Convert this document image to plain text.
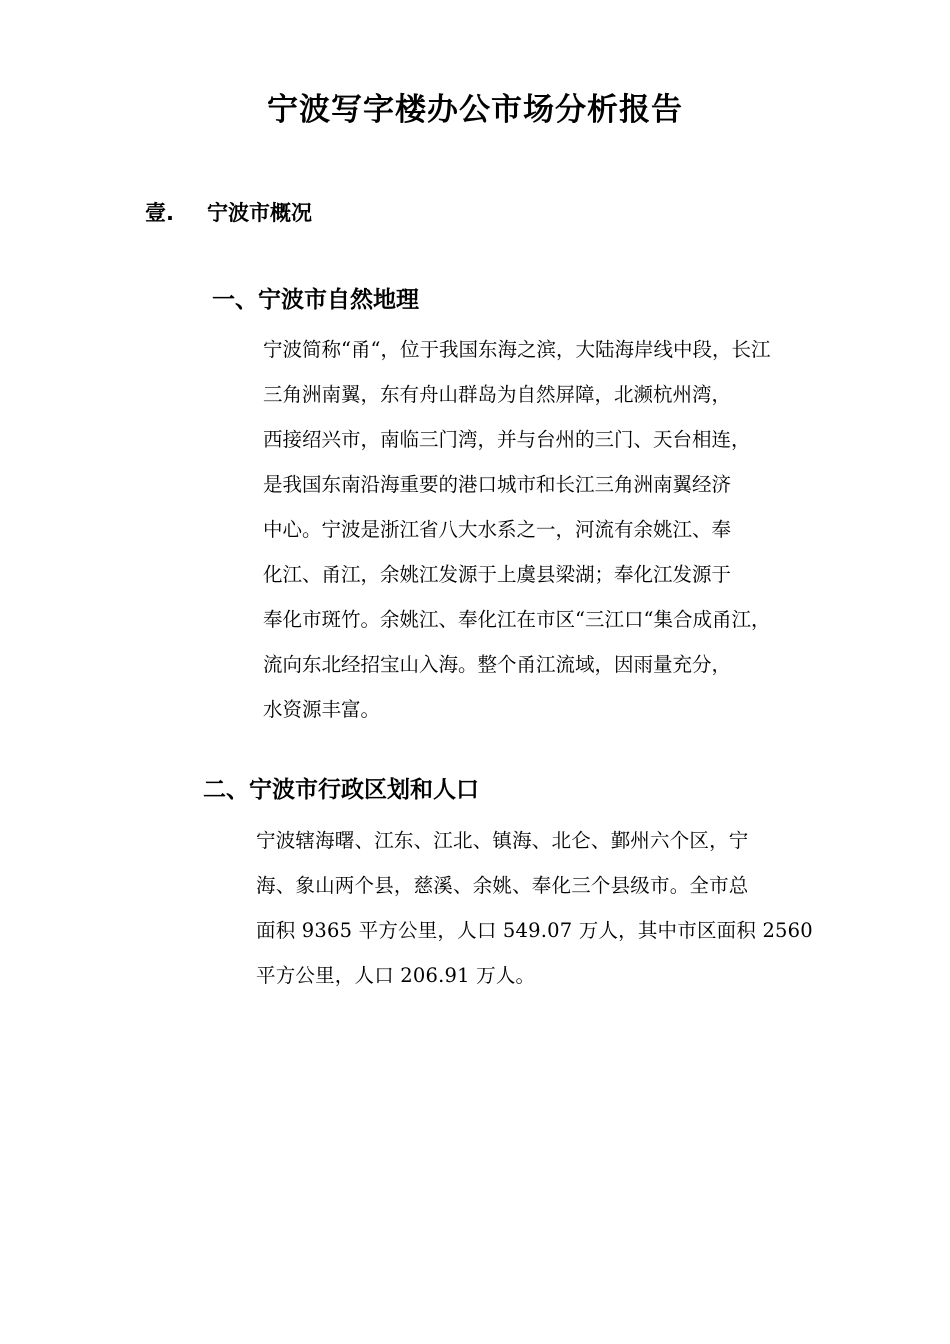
宁波写字楼办公市场分析报告
壹. 宁波市概况
一、宁波市自然地理
宁波简称“甬“，位于我国东海之滨，大陆海岸线中段，长江
三角洲南翼，东有舟山群岛为自然屏障，北濒杭州湾，
西接绍兴市，南临三门湾，并与台州的三门、天台相连，
是我国东南沿海重要的港口城市和长江三角洲南翼经济
中心。宁波是浙江省八大水系之一，河流有余姚江、奉
化江、甬江，余姚江发源于上虞县梁湖；奉化江发源于
奉化市斑竹。余姚江、奉化江在市区“三江口“集合成甬江，
流向东北经招宝山入海。整个甬江流域，因雨量充分，
水资源丰富。
二、宁波市行政区划和人口
宁波辖海曙、江东、江北、镇海、北仑、鄞州六个区，宁
海、象山两个县，慈溪、余姚、奉化三个县级市。全市总
面积 9365 平方公里，人口 549.07 万人，其中市区面积 2560
平方公里，人口 206.91 万人。
